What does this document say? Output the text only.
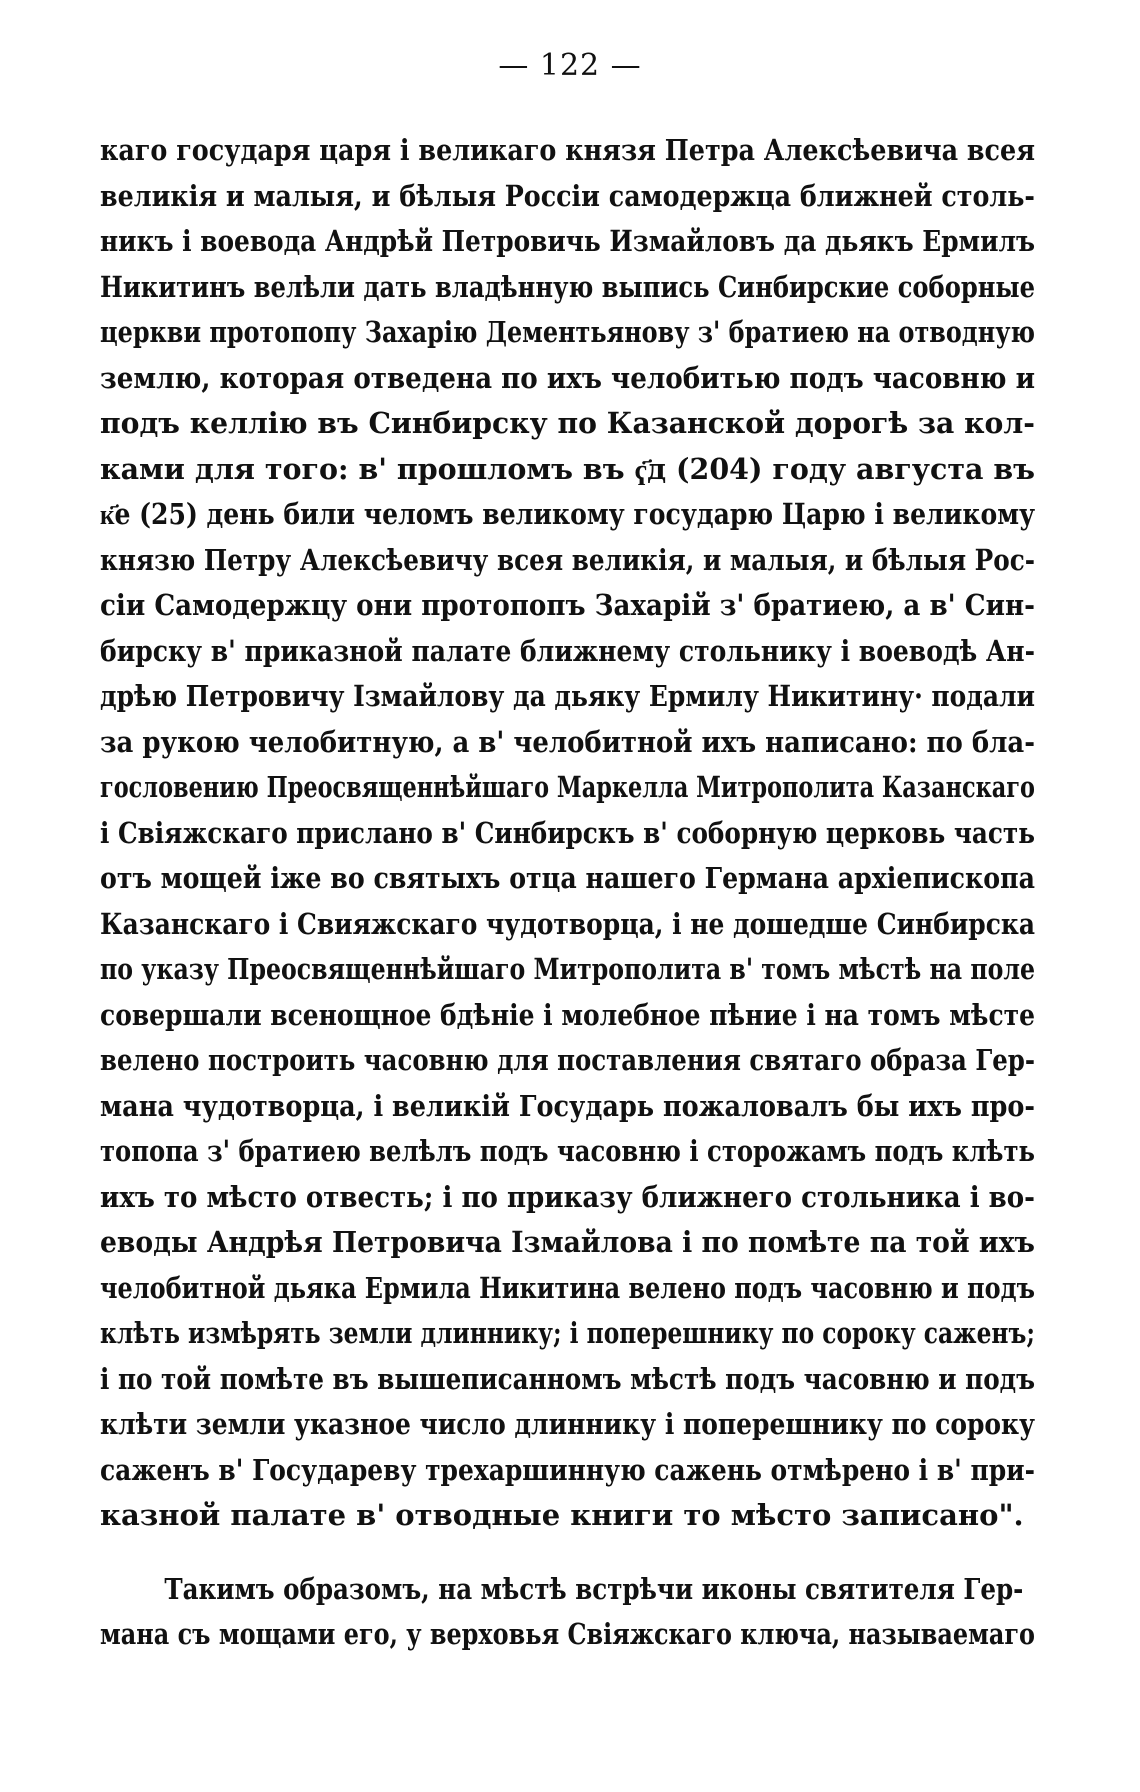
— 122 —
каго государя царя і великаго князя Петра Алексѣевича всея
великія и малыя, и бѣлыя Россіи самодержца ближней столь-
никъ і воевода Андрѣй Петровичь Измайловъ да дьякъ Ермилъ
Никитинъ велѣли дать владѣнную выпись Синбирские соборные
церкви протопопу Захарію Дементьянову з' братиею на отводную
землю, которая отведена по ихъ челобитью подъ часовню и
подъ келлію въ Синбирску по Казанской дорогѣ за кол-
ками для того: в' прошломъ въ ҁ҃д (204) году августа въ
к҃е (25) день били челомъ великому государю Царю і великому
князю Петру Алексѣевичу всея великія, и малыя, и бѣлыя Рос-
сіи Самодержцу они протопопъ Захарій з' братиею, а в' Син-
бирску в' приказной палате ближнему стольнику і воеводѣ Ан-
дрѣю Петровичу Ізмайлову да дьяку Ермилу Никитину· подали
за рукою челобитную, а в' челобитной ихъ написано: по бла-
гословению Преосвященнѣйшаго Маркелла Митрополита Казанскаго
і Свіяжскаго прислано в' Синбирскъ в' соборную церковь часть
отъ мощей іже во святыхъ отца нашего Германа архіепископа
Казанскаго і Свияжскаго чудотворца, і не дошедше Синбирска
по указу Преосвященнѣйшаго Митрополита в' томъ мѣстѣ на поле
совершали всенощное бдѣніе і молебное пѣние і на томъ мѣсте
велено построить часовню для поставления святаго образа Гер-
мана чудотворца, і великій Государь пожаловалъ бы ихъ про-
топопа з' братиею велѣлъ подъ часовню і сторожамъ подъ клѣть
ихъ то мѣсто отвесть; і по приказу ближнего стольника і во-
еводы Андрѣя Петровича Ізмайлова і по помѣте па той ихъ
челобитной дьяка Ермила Никитина велено подъ часовню и подъ
клѣть измѣрять земли длиннику; і поперешнику по сороку саженъ;
і по той помѣте въ вышеписанномъ мѣстѣ подъ часовню и подъ
клѣти земли указное число длиннику і поперешнику по сороку
саженъ в' Государеву трехаршинную сажень отмѣрено і в' при-
казной палате в' отводные книги то мѣсто записано".
Такимъ образомъ, на мѣстѣ встрѣчи иконы святителя Гер-
мана съ мощами его, у верховья Свіяжскаго ключа, называемаго
